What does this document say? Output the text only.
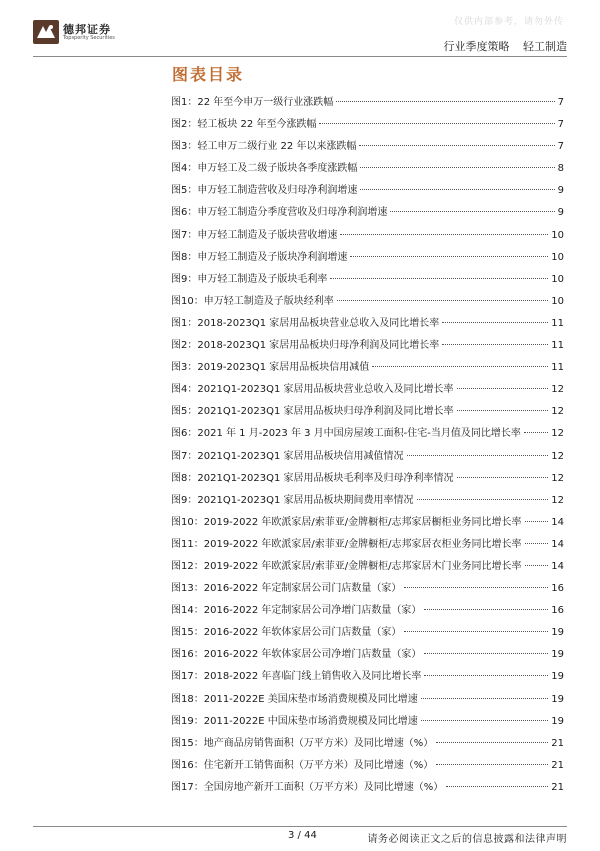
德邦证券
Topsperity Securities
仅供内部参考，请勿外传
行业季度策略 轻工制造
图表目录
图1： 22 年至今申万一级行业涨跌幅	7
图2： 轻工板块 22 年至今涨跌幅	7
图3： 轻工申万二级行业 22 年以来涨跌幅	7
图4： 申万轻工及二级子版块各季度涨跌幅	8
图5： 申万轻工制造营收及归母净利润增速	9
图6： 申万轻工制造分季度营收及归母净利润增速	9
图7： 申万轻工制造及子版块营收增速	10
图8： 申万轻工制造及子版块净利润增速	10
图9： 申万轻工制造及子版块毛利率	10
图10： 申万轻工制造及子版块经利率	10
图1： 2018-2023Q1 家居用品板块营业总收入及同比增长率	11
图2： 2018-2023Q1 家居用品板块归母净利润及同比增长率	11
图3： 2019-2023Q1 家居用品板块信用减值	11
图4： 2021Q1-2023Q1 家居用品板块营业总收入及同比增长率	12
图5： 2021Q1-2023Q1 家居用品板块归母净利润及同比增长率	12
图6： 2021 年 1 月-2023 年 3 月中国房屋竣工面积-住宅-当月值及同比增长率	12
图7： 2021Q1-2023Q1 家居用品板块信用减值情况	12
图8： 2021Q1-2023Q1 家居用品板块毛利率及归母净利率情况	12
图9： 2021Q1-2023Q1 家居用品板块期间费用率情况	12
图10： 2019-2022 年欧派家居/索菲亚/金牌橱柜/志邦家居橱柜业务同比增长率	14
图11： 2019-2022 年欧派家居/索菲亚/金牌橱柜/志邦家居衣柜业务同比增长率	14
图12： 2019-2022 年欧派家居/索菲亚/金牌橱柜/志邦家居木门业务同比增长率	14
图13： 2016-2022 年定制家居公司门店数量（家）	16
图14： 2016-2022 年定制家居公司净增门店数量（家）	16
图15： 2016-2022 年软体家居公司门店数量（家）	19
图16： 2016-2022 年软体家居公司净增门店数量（家）	19
图17： 2018-2022 年喜临门线上销售收入及同比增长率	19
图18： 2011-2022E 美国床垫市场消费规模及同比增速	19
图19： 2011-2022E 中国床垫市场消费规模及同比增速	19
图15： 地产商品房销售面积（万平方米）及同比增速（%）	21
图16： 住宅新开工销售面积（万平方米）及同比增速（%）	21
图17： 全国房地产新开工面积（万平方米）及同比增速（%）	21
3 / 44	请务必阅读正文之后的信息披露和法律声明
